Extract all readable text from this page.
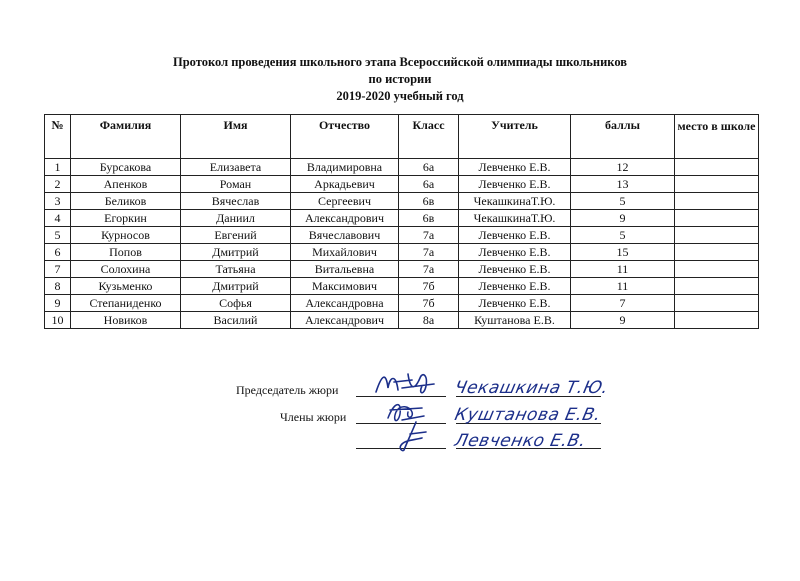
Протокол проведения школьного этапа Всероссийской олимпиады школьников
по истории
2019-2020 учебный год
№	Фамилия	Имя	Отчество	Класс	Учитель	баллы	место в школе
1	Бурсакова	Елизавета	Владимировна	6а	Левченко Е.В.	12	
2	Апенков	Роман	Аркадьевич	6а	Левченко Е.В.	13	
3	Беликов	Вячеслав	Сергеевич	6в	ЧекашкинаТ.Ю.	5	
4	Егоркин	Даниил	Александрович	6в	ЧекашкинаТ.Ю.	9	
5	Курносов	Евгений	Вячеславович	7а	Левченко Е.В.	5	
6	Попов	Дмитрий	Михайлович	7а	Левченко Е.В.	15	
7	Солохина	Татьяна	Витальевна	7а	Левченко Е.В.	11	
8	Кузьменко	Дмитрий	Максимович	7б	Левченко Е.В.	11	
9	Степаниденко	Софья	Александровна	7б	Левченко Е.В.	7	
10	Новиков	Василий	Александрович	8а	Куштанова Е.В.	9	
Председатель жюри
Члены жюри
Чекашкина Т.Ю.
Куштанова Е.В.
Левченко Е.В.
